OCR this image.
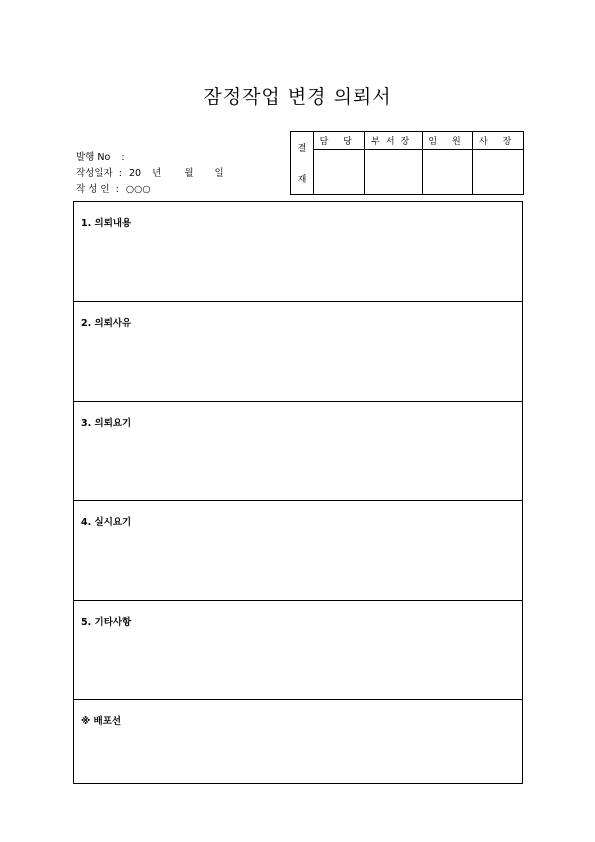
잠정작업 변경 의뢰서
발행 No :
작성일자 : 20 년 월 일
작 성 인 : ○○○
결
재	담 당	부서장	임 원	사 장

1. 의뢰내용
2. 의뢰사유
3. 의뢰요기
4. 실시요기
5. 기타사항
※ 배포선
